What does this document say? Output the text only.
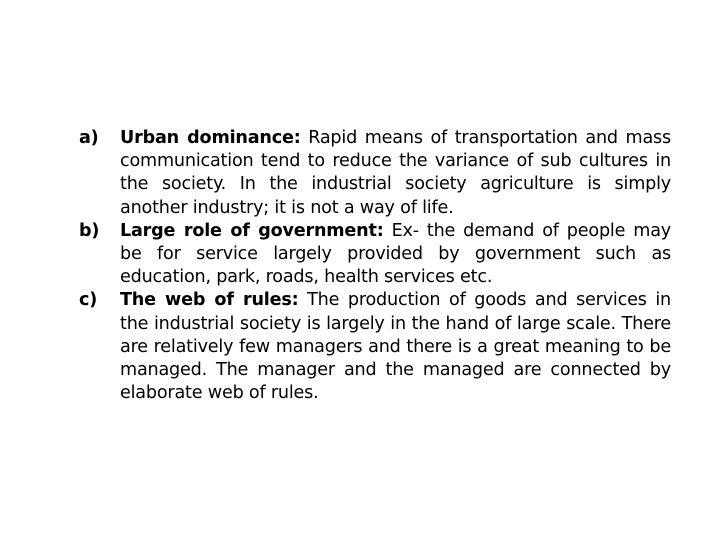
a) Urban dominance: Rapid means of transportation and mass communication tend to reduce the variance of sub cultures in the society. In the industrial society agriculture is simply another industry; it is not a way of life.
b) Large role of government: Ex- the demand of people may be for service largely provided by government such as education, park, roads, health services etc.
c) The web of rules: The production of goods and services in the industrial society is largely in the hand of large scale. There are relatively few managers and there is a great meaning to be managed. The manager and the managed are connected by elaborate web of rules.
